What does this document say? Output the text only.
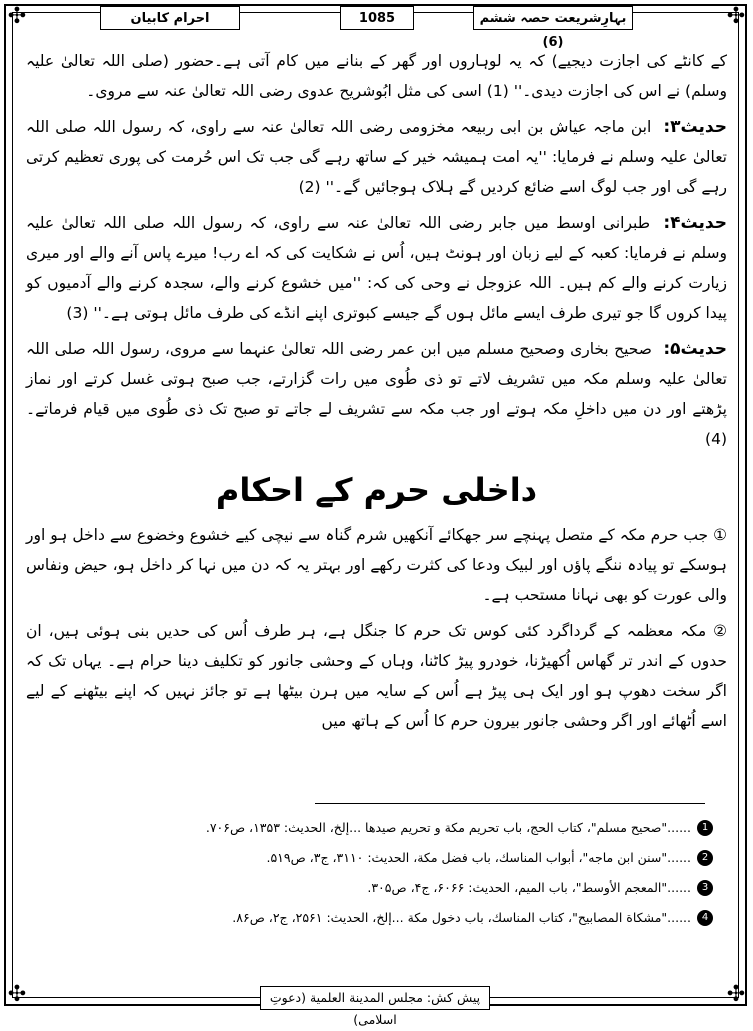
✣	✣
✣	✣
احرام کابیان	1085	بہارِشریعت حصہ ششم (6)

کے کانٹے کی اجازت دیجیے) کہ یہ لوہاروں اور گھر کے بنانے میں کام آتی ہے۔حضور (صلی اللہ تعالیٰ علیہ وسلم) نے اس کی اجازت دیدی۔'' (1) اسی کی مثل ابُوشریح عدوی رضی اللہ تعالیٰ عنہ سے مروی۔

حدیث۳: ابن ماجہ عیاش بن ابی ربیعہ مخزومی رضی اللہ تعالیٰ عنہ سے راوی، کہ رسول اللہ صلی اللہ تعالیٰ علیہ وسلم نے فرمایا: ''یہ امت ہمیشہ خیر کے ساتھ رہے گی جب تک اس حُرمت کی پوری تعظیم کرتی رہے گی اور جب لوگ اسے ضائع کردیں گے ہلاک ہوجائیں گے۔'' (2)

حدیث۴: طبرانی اوسط میں جابر رضی اللہ تعالیٰ عنہ سے راوی، کہ رسول اللہ صلی اللہ تعالیٰ علیہ وسلم نے فرمایا: کعبہ کے لیے زبان اور ہونٹ ہیں، اُس نے شکایت کی کہ اے رب! میرے پاس آنے والے اور میری زیارت کرنے والے کم ہیں۔ اللہ عزوجل نے وحی کی کہ: ''میں خشوع کرنے والے، سجدہ کرنے والے آدمیوں کو پیدا کروں گا جو تیری طرف ایسے مائل ہوں گے جیسے کبوتری اپنے انڈے کی طرف مائل ہوتی ہے۔'' (3)

حدیث۵: صحیح بخاری وصحیح مسلم میں ابن عمر رضی اللہ تعالیٰ عنہما سے مروی، رسول اللہ صلی اللہ تعالیٰ علیہ وسلم مکہ میں تشریف لاتے تو ذی طُوی میں رات گزارتے، جب صبح ہوتی غسل کرتے اور نماز پڑھتے اور دن میں داخلِ مکہ ہوتے اور جب مکہ سے تشریف لے جاتے تو صبح تک ذی طُوی میں قیام فرماتے۔ (4)

داخلی حرم کے احکام

① جب حرم مکہ کے متصل پہنچے سر جھکائے آنکھیں شرم گناہ سے نیچی کیے خشوع وخضوع سے داخل ہو اور ہوسکے تو پیادہ ننگے پاؤں اور لبیک ودعا کی کثرت رکھے اور بہتر یہ کہ دن میں نہا کر داخل ہو، حیض ونفاس والی عورت کو بھی نہانا مستحب ہے۔

② مکہ معظمہ کے گرداگرد کئی کوس تک حرم کا جنگل ہے، ہر طرف اُس کی حدیں بنی ہوئی ہیں، ان حدوں کے اندر تر گھاس اُکھیڑنا، خودرو پیڑ کاٹنا، وہاں کے وحشی جانور کو تکلیف دینا حرام ہے۔ یہاں تک کہ اگر سخت دھوپ ہو اور ایک ہی پیڑ ہے اُس کے سایہ میں ہرن بیٹھا ہے تو جائز نہیں کہ اپنے بیٹھنے کے لیے اسے اُٹھائے اور اگر وحشی جانور بیرون حرم کا اُس کے ہاتھ میں

1
......"صحیح مسلم"، کتاب الحج، باب تحریم مکة و تحریم صیدھا ...إلخ، الحدیث: ۱۳۵۳، ص۷۰۶.
2
......"سنن ابن ماجه"، أبواب المناسك، باب فضل مكة، الحدیث: ۳۱۱۰، ج۳، ص۵۱۹.
3
......"المعجم الأوسط"، باب المیم، الحدیث: ۶۰۶۶، ج۴، ص۳۰۵.
4
......"مشکاة المصابیح"، کتاب المناسك، باب دخول مكة ...إلخ، الحدیث: ۲۵۶۱، ج۲، ص۸۶.
پیش کش: مجلس المدینة العلمیة (دعوتِ اسلامی)
